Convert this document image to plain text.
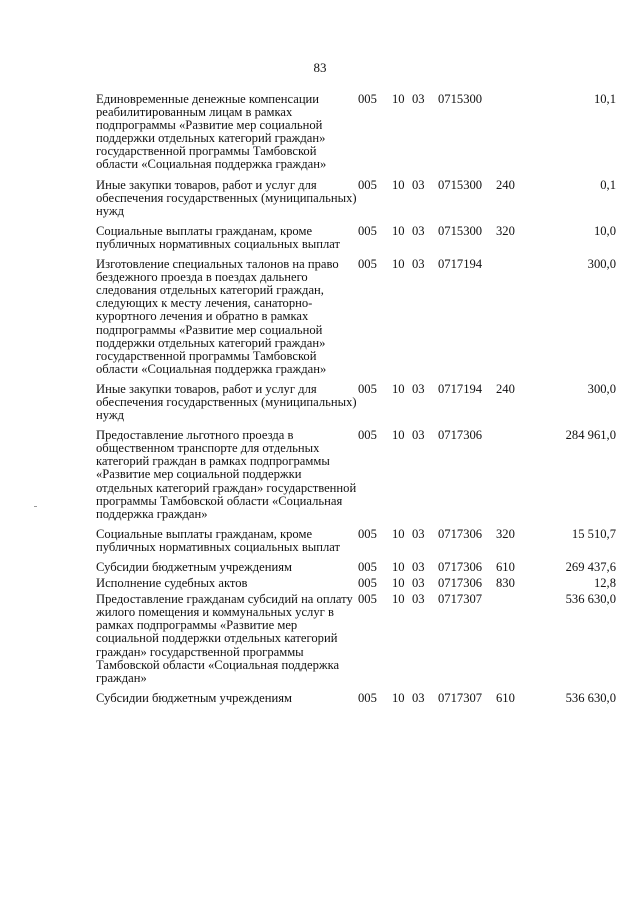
83
Единовременные денежные компенсации реабилитированным лицам в рамках подпрограммы «Развитие мер социальной поддержки отдельных категорий граждан» государственной программы Тамбовской области «Социальная поддержка граждан»	005	10	03	0715300		10,1
Иные закупки товаров, работ и услуг для обеспечения государственных (муниципальных) нужд	005	10	03	0715300	240	0,1
Социальные выплаты гражданам, кроме публичных нормативных социальных выплат	005	10	03	0715300	320	10,0
Изготовление специальных талонов на право бездежного проезда в поездах дальнего следования отдельных категорий граждан, следующих к месту лечения, санаторно-курортного лечения и обратно в рамках подпрограммы «Развитие мер социальной поддержки отдельных категорий граждан» государственной программы Тамбовской области «Социальная поддержка граждан»	005	10	03	0717194		300,0
Иные закупки товаров, работ и услуг для обеспечения государственных (муниципальных) нужд	005	10	03	0717194	240	300,0
Предоставление льготного проезда в общественном транспорте для отдельных категорий граждан в рамках подпрограммы «Развитие мер социальной поддержки отдельных категорий граждан» государственной программы Тамбовской области «Социальная поддержка граждан»	005	10	03	0717306		284 961,0
Социальные выплаты гражданам, кроме публичных нормативных социальных выплат	005	10	03	0717306	320	15 510,7
Субсидии бюджетным учреждениям	005	10	03	0717306	610	269 437,6
Исполнение судебных актов	005	10	03	0717306	830	12,8
Предоставление гражданам субсидий на оплату жилого помещения и коммунальных услуг в рамках подпрограммы «Развитие мер социальной поддержки отдельных категорий граждан» государственной программы Тамбовской области «Социальная поддержка граждан»	005	10	03	0717307		536 630,0
Субсидии бюджетным учреждениям	005	10	03	0717307	610	536 630,0
